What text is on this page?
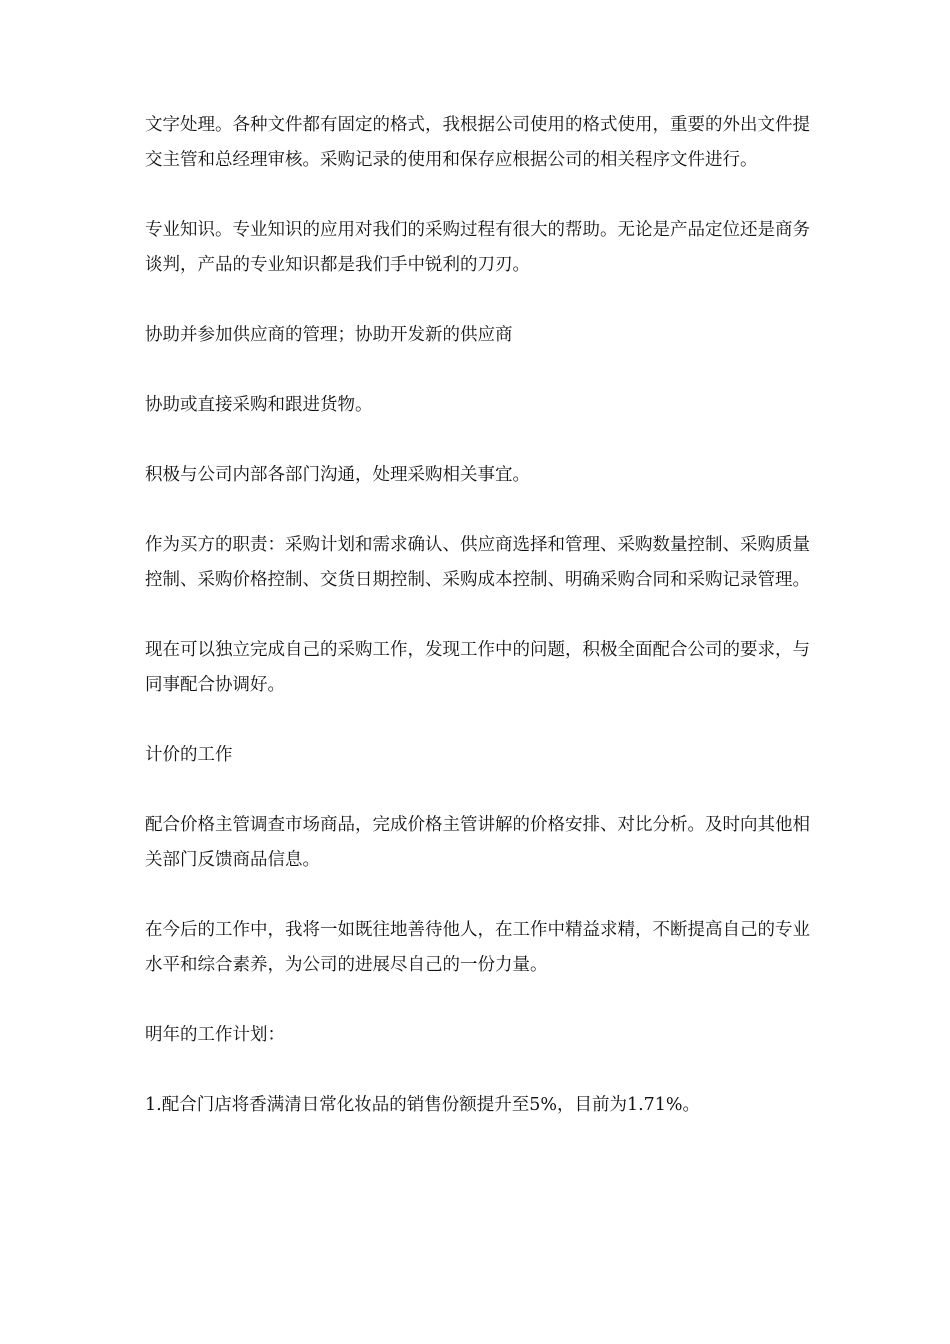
文字处理。各种文件都有固定的格式，我根据公司使用的格式使用，重要的外出文件提交主管和总经理审核。采购记录的使用和保存应根据公司的相关程序文件进行。

专业知识。专业知识的应用对我们的采购过程有很大的帮助。无论是产品定位还是商务谈判，产品的专业知识都是我们手中锐利的刀刃。

协助并参加供应商的管理；协助开发新的供应商

协助或直接采购和跟进货物。

积极与公司内部各部门沟通，处理采购相关事宜。

作为买方的职责：采购计划和需求确认、供应商选择和管理、采购数量控制、采购质量控制、采购价格控制、交货日期控制、采购成本控制、明确采购合同和采购记录管理。

现在可以独立完成自己的采购工作，发现工作中的问题，积极全面配合公司的要求，与同事配合协调好。

计价的工作

配合价格主管调查市场商品，完成价格主管讲解的价格安排、对比分析。及时向其他相关部门反馈商品信息。

在今后的工作中，我将一如既往地善待他人，在工作中精益求精，不断提高自己的专业水平和综合素养，为公司的进展尽自己的一份力量。

明年的工作计划：

1.配合门店将香满清日常化妆品的销售份额提升至5%，目前为1.71%。
